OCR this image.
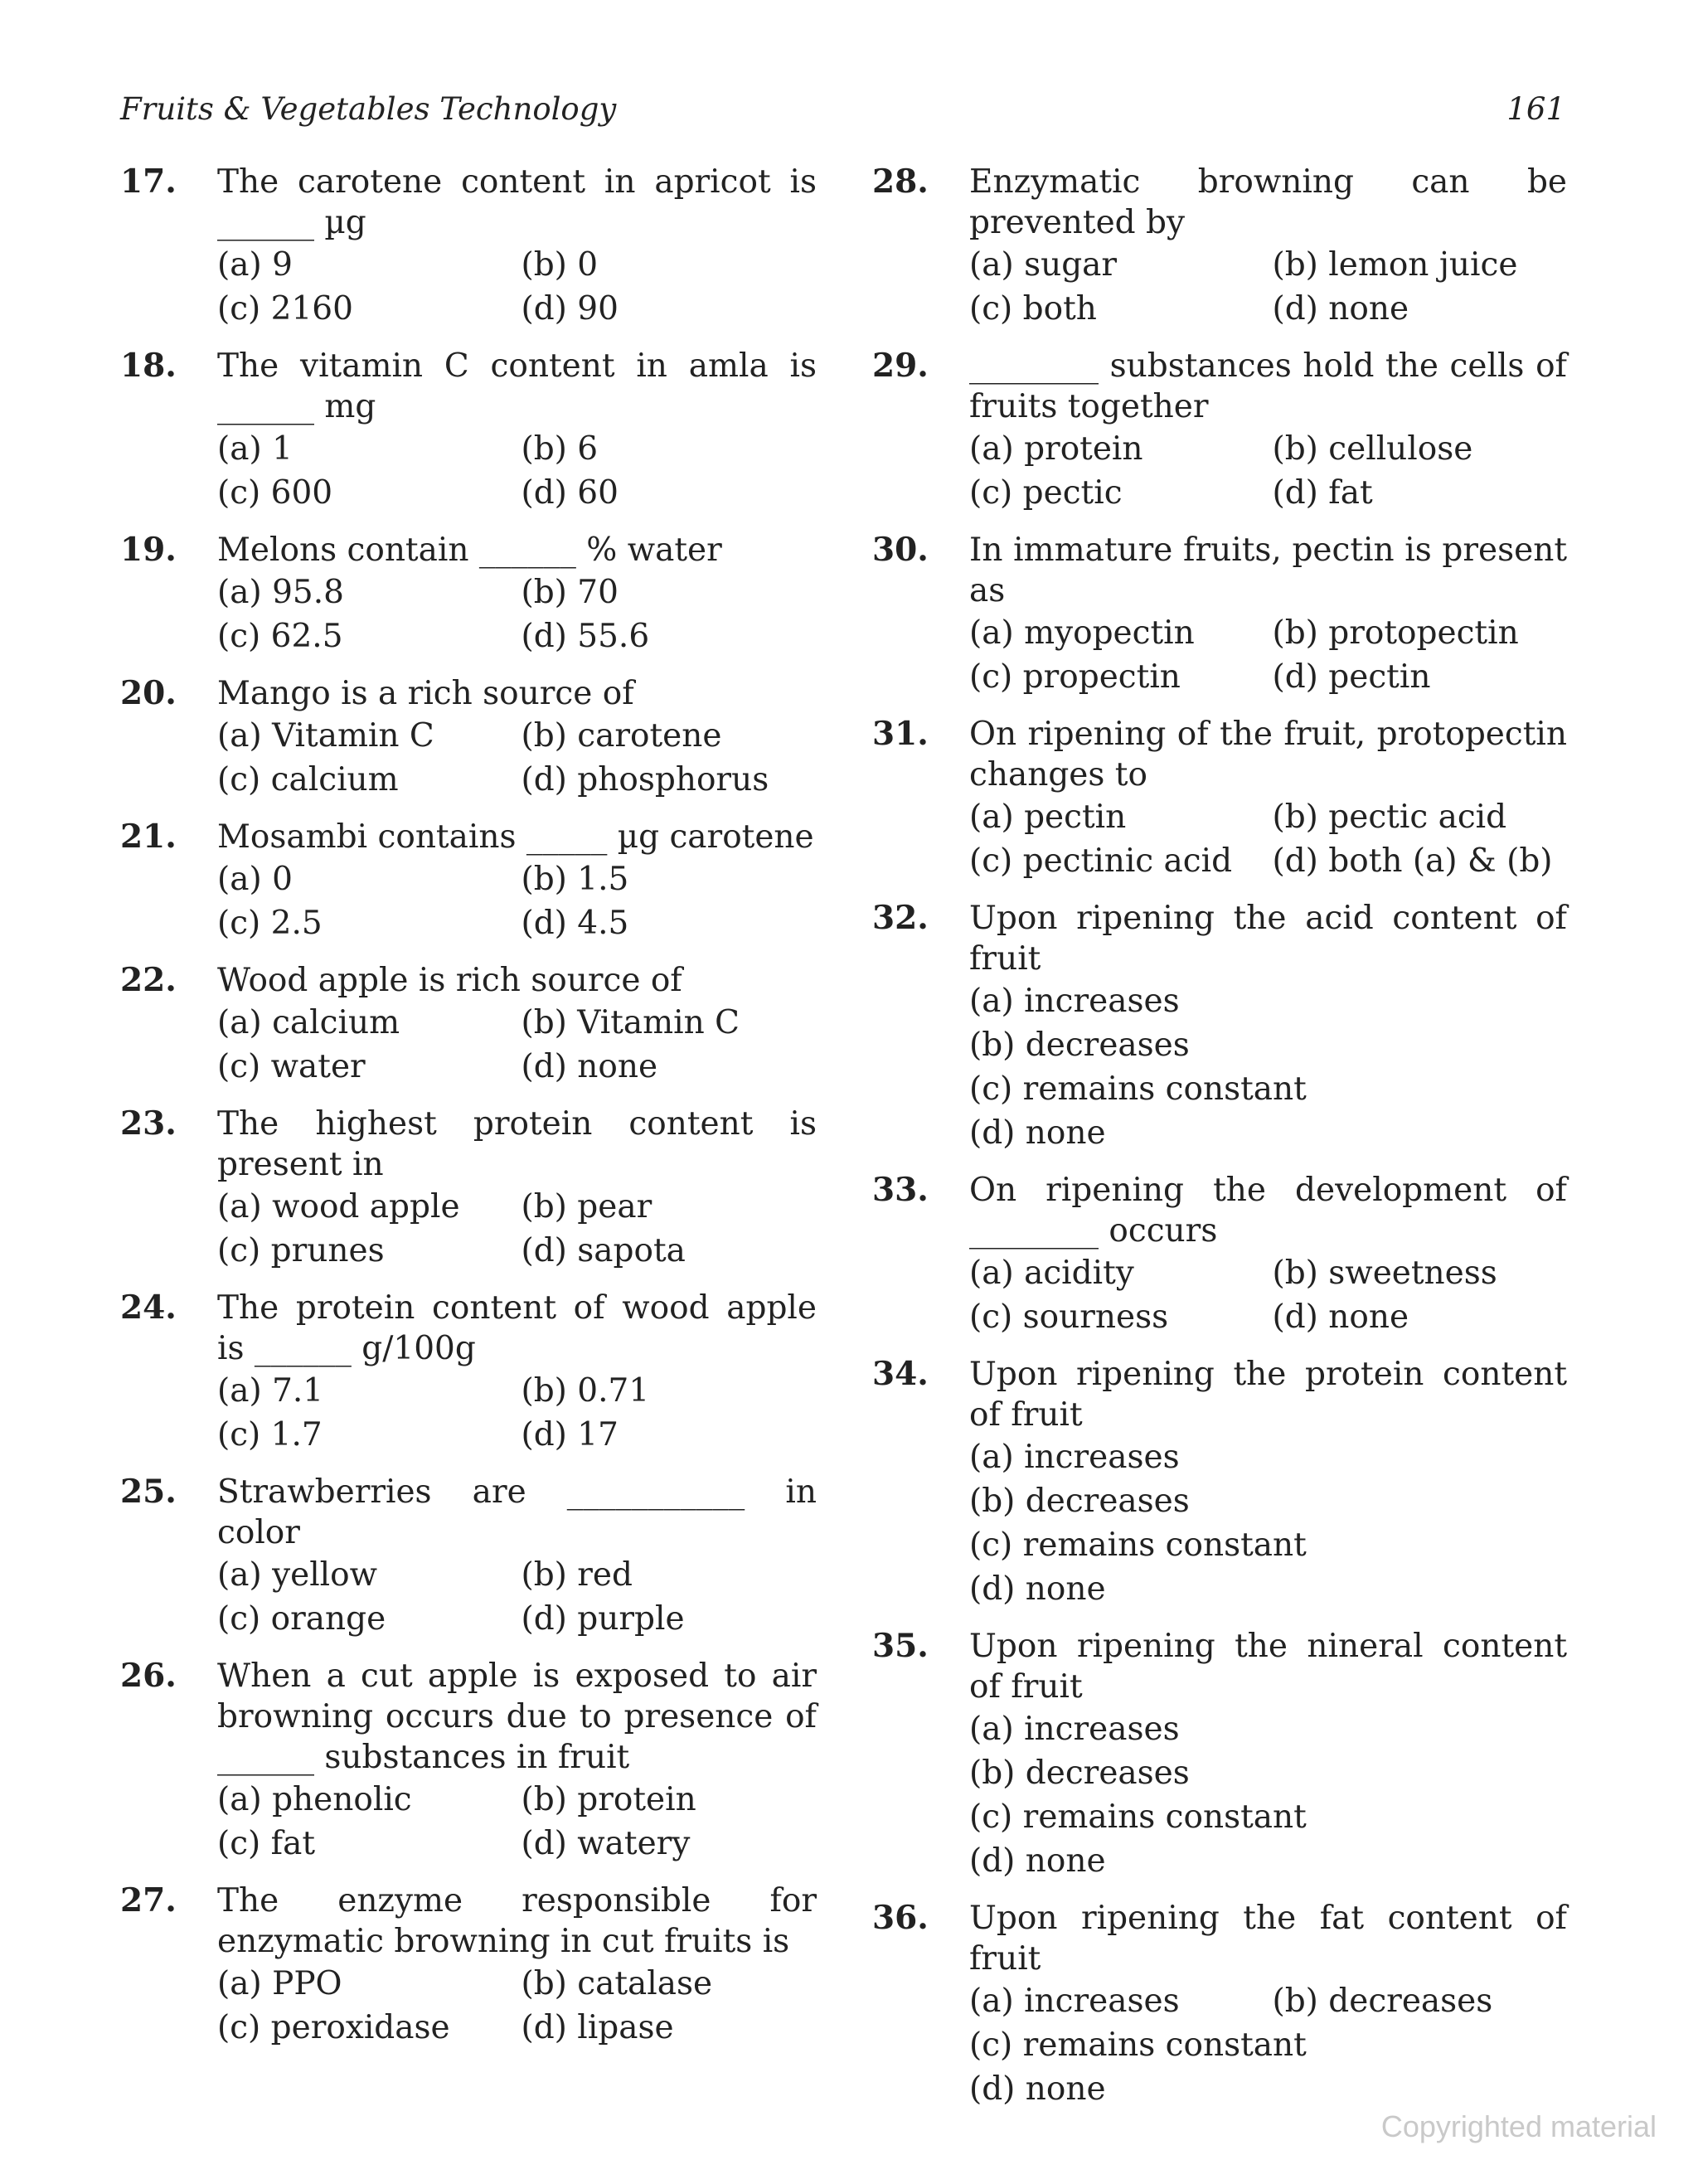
Fruits & Vegetables Technology	161
17.	The carotene content in apricot is ______ µg
(a) 9	(b) 0
(c) 2160	(d) 90
18.	The vitamin C content in amla is ______ mg
(a) 1	(b) 6
(c) 600	(d) 60
19.	Melons contain ______ % water
(a) 95.8	(b) 70
(c) 62.5	(d) 55.6
20.	Mango is a rich source of
(a) Vitamin C	(b) carotene
(c) calcium	(d) phosphorus
21.	Mosambi contains _____ µg carotene
(a) 0	(b) 1.5
(c) 2.5	(d) 4.5
22.	Wood apple is rich source of
(a) calcium	(b) Vitamin C
(c) water	(d) none
23.	The highest protein content is present in
(a) wood apple	(b) pear
(c) prunes	(d) sapota
24.	The protein content of wood apple is ______ g/100g
(a) 7.1	(b) 0.71
(c) 1.7	(d) 17
25.	Strawberries are ___________ in color
(a) yellow	(b) red
(c) orange	(d) purple
26.	When a cut apple is exposed to air browning occurs due to presence of ______ substances in fruit
(a) phenolic	(b) protein
(c) fat	(d) watery
27.	The enzyme responsible for enzymatic browning in cut fruits is
(a) PPO	(b) catalase
(c) peroxidase	(d) lipase
28.	Enzymatic browning can be prevented by
(a) sugar	(b) lemon juice
(c) both	(d) none
29.	________ substances hold the cells of fruits together
(a) protein	(b) cellulose
(c) pectic	(d) fat
30.	In immature fruits, pectin is present as
(a) myopectin	(b) protopectin
(c) propectin	(d) pectin
31.	On ripening of the fruit, protopectin changes to
(a) pectin	(b) pectic acid
(c) pectinic acid	(d) both (a) & (b)
32.	Upon ripening the acid content of fruit
(a) increases
(b) decreases
(c) remains constant
(d) none
33.	On ripening the development of ________ occurs
(a) acidity	(b) sweetness
(c) sourness	(d) none
34.	Upon ripening the protein content of fruit
(a) increases
(b) decreases
(c) remains constant
(d) none
35.	Upon ripening the nineral content of fruit
(a) increases
(b) decreases
(c) remains constant
(d) none
36.	Upon ripening the fat content of fruit
(a) increases	(b) decreases
(c) remains constant
(d) none
Copyrighted material
